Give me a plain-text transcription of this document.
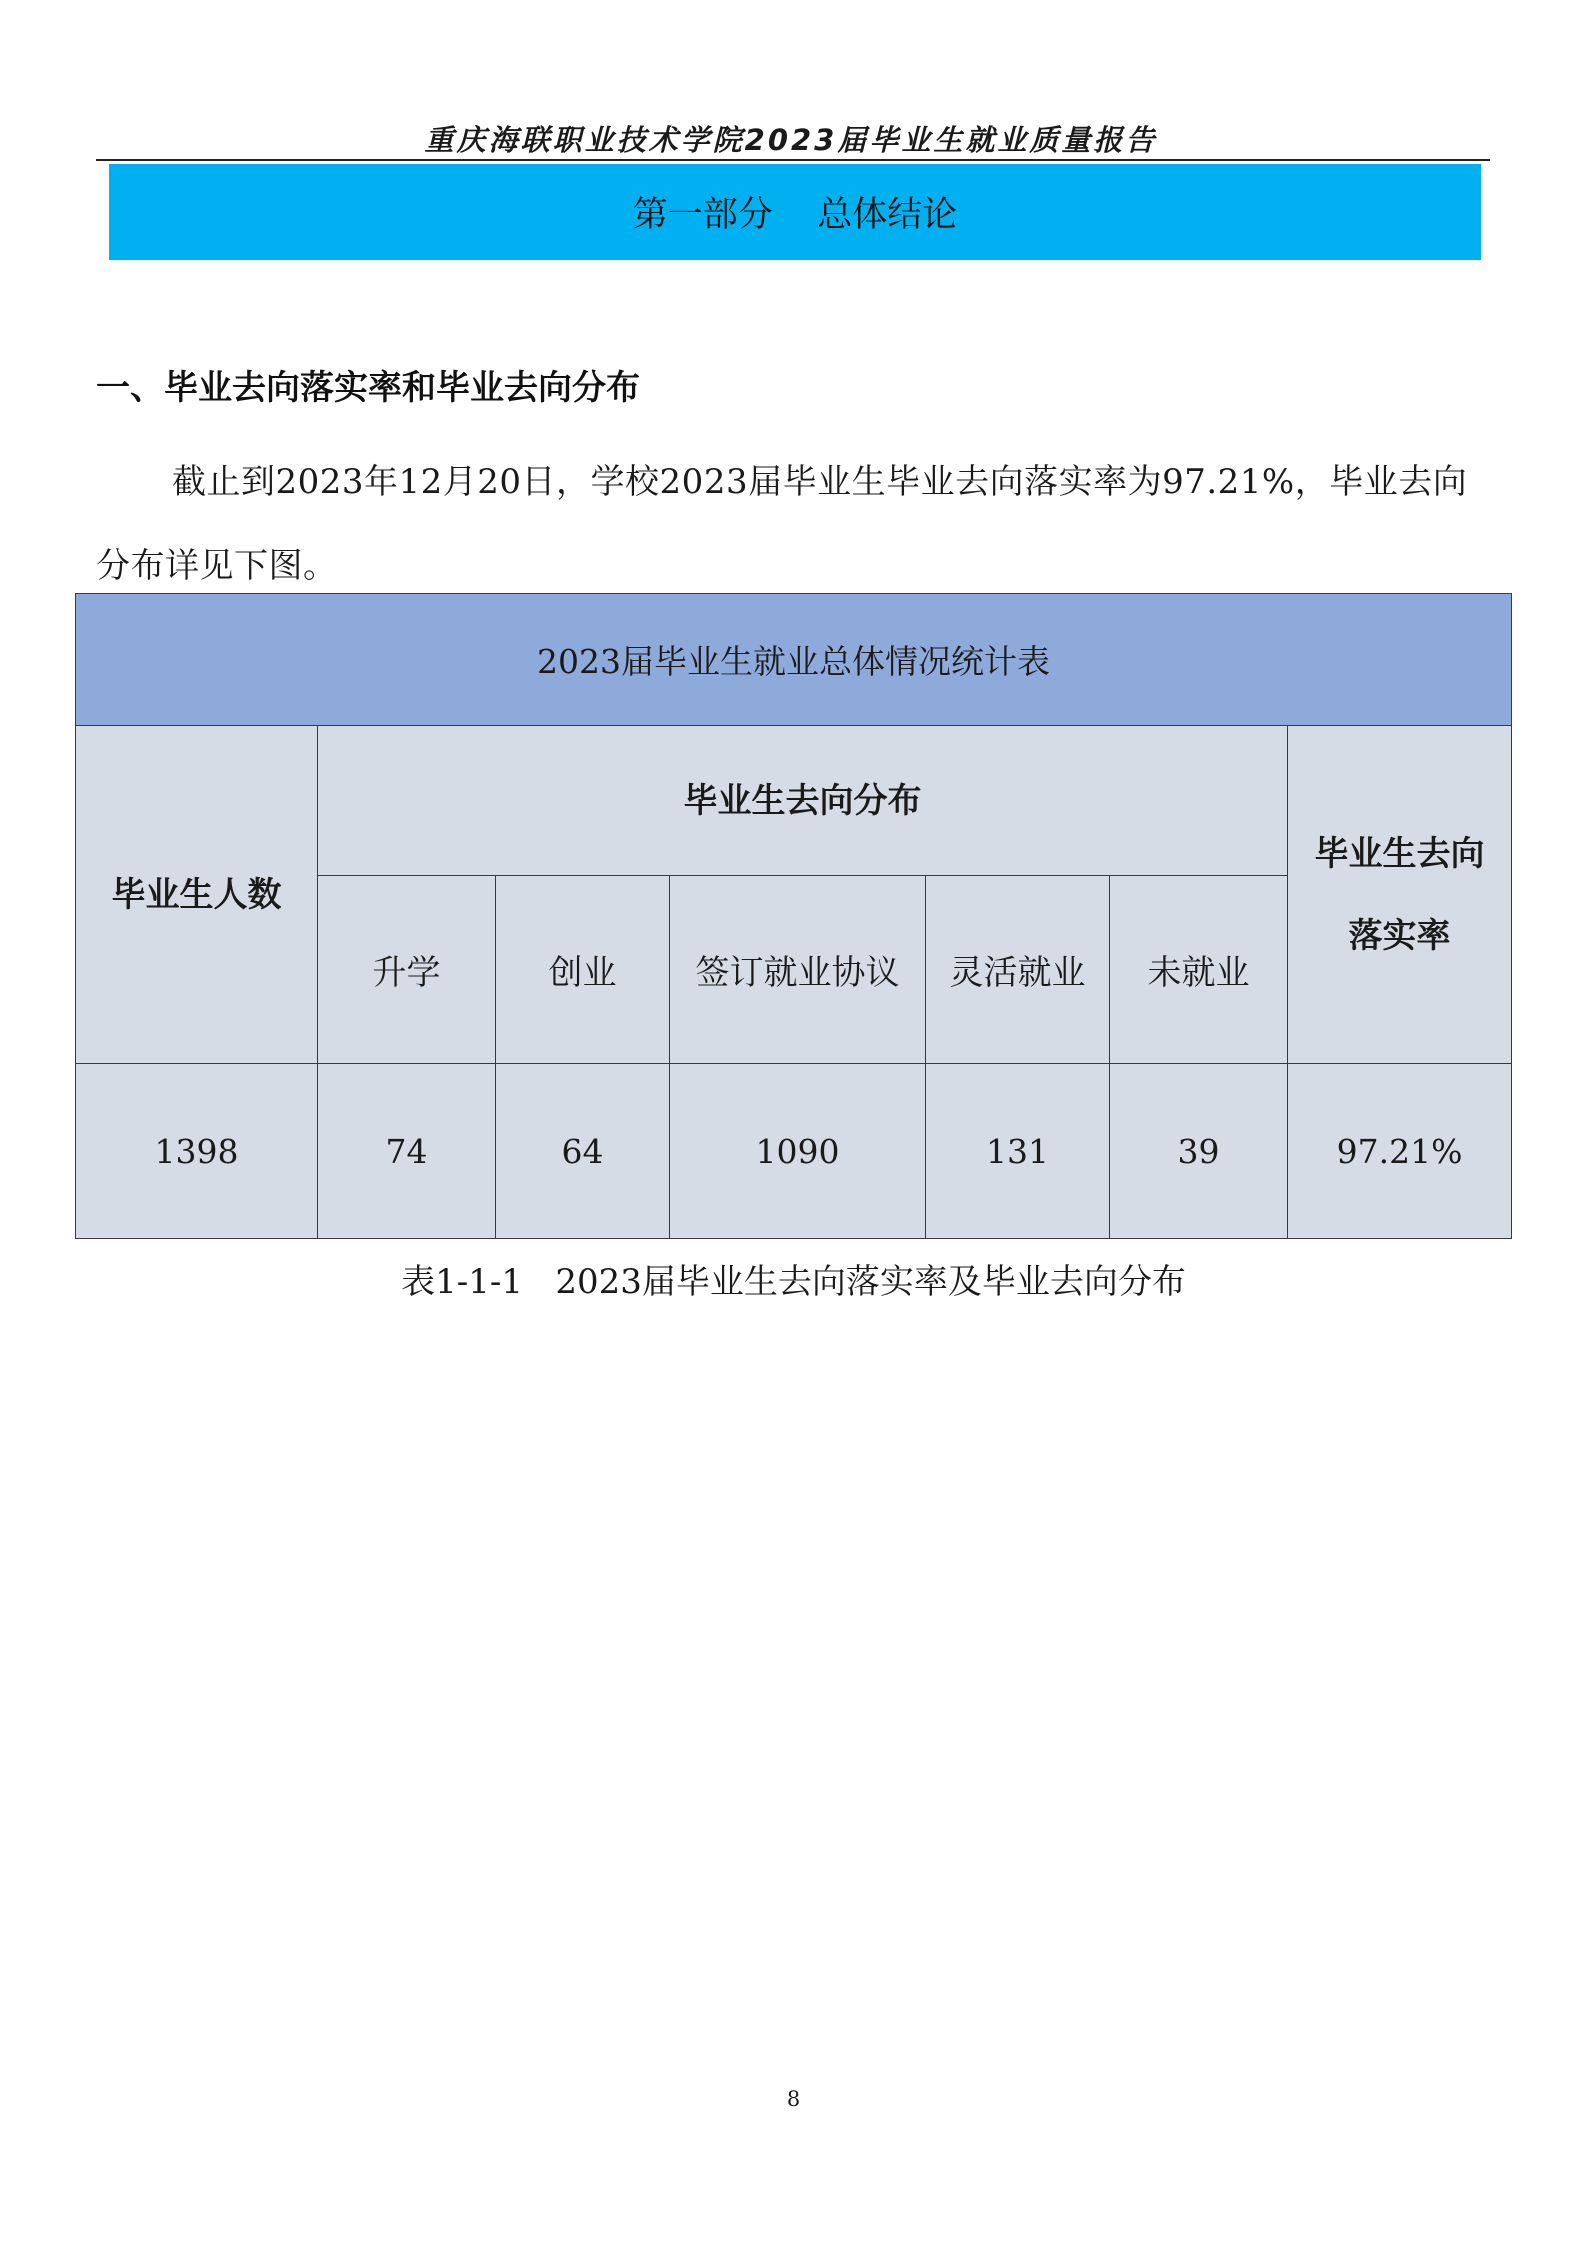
重庆海联职业技术学院2023届毕业生就业质量报告
第一部分    总体结论
一、毕业去向落实率和毕业去向分布
截止到2023年12月20日，学校2023届毕业生毕业去向落实率为97.21%，毕业去向分布详见下图。
2023届毕业生就业总体情况统计表						
毕业生人数	毕业生去向分布					毕业生去向
落实率

	升学	创业	签订就业协议	灵活就业	未就业	
1398	74	64	1090	131	39	97.21%
表1-1-1   2023届毕业生去向落实率及毕业去向分布
8
